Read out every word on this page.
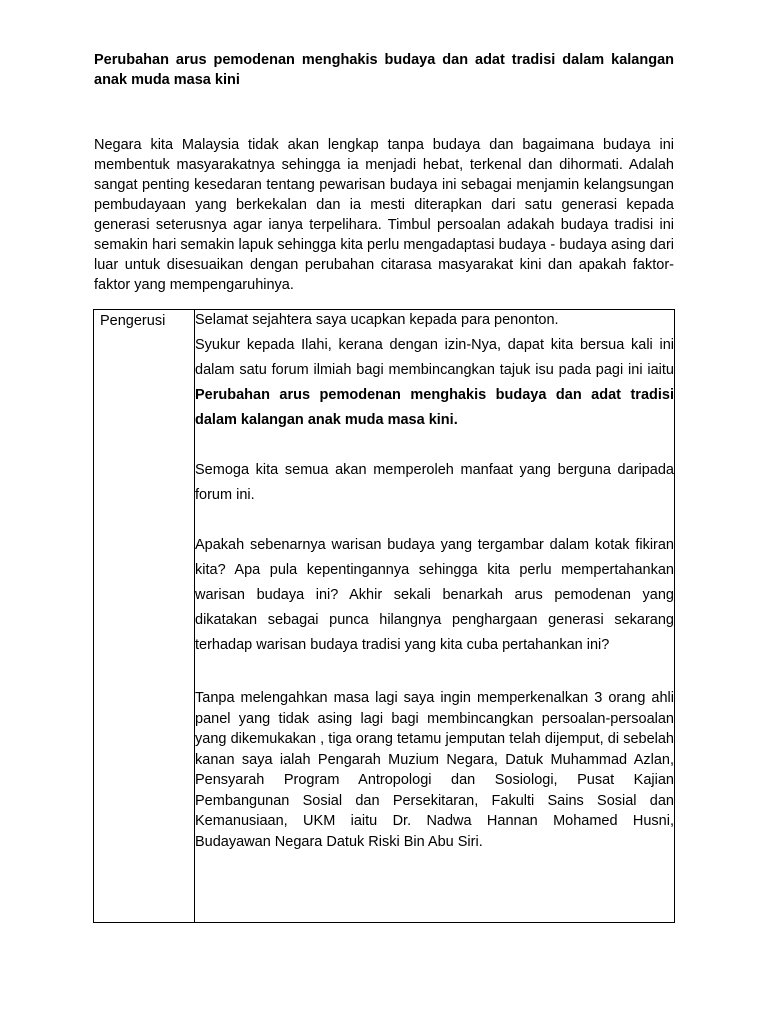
Perubahan arus pemodenan menghakis budaya dan adat tradisi dalam kalangan anak muda masa kini

Negara kita Malaysia tidak akan lengkap tanpa budaya dan bagaimana budaya ini membentuk masyarakatnya sehingga ia menjadi hebat, terkenal dan dihormati. Adalah sangat penting kesedaran tentang pewarisan budaya ini sebagai menjamin kelangsungan pembudayaan yang berkekalan dan ia mesti diterapkan dari satu generasi kepada generasi seterusnya agar ianya terpelihara. Timbul persoalan adakah budaya tradisi ini semakin hari semakin lapuk sehingga kita perlu mengadaptasi budaya - budaya asing dari luar untuk disesuaikan dengan perubahan citarasa masyarakat kini dan apakah faktor-faktor yang mempengaruhinya.

Pengerusi	Selamat sejahtera saya ucapkan kepada para penonton.

Syukur kepada Ilahi, kerana dengan izin-Nya, dapat kita bersua kali ini dalam satu forum ilmiah bagi membincangkan tajuk isu pada pagi ini iaitu Perubahan arus pemodenan menghakis budaya dan adat tradisi dalam kalangan anak muda masa kini.

Semoga kita semua akan memperoleh manfaat yang berguna daripada forum ini.

Apakah sebenarnya warisan budaya yang tergambar dalam kotak fikiran kita? Apa pula kepentingannya sehingga kita perlu mempertahankan warisan budaya ini? Akhir sekali benarkah arus pemodenan yang dikatakan sebagai punca hilangnya penghargaan generasi sekarang terhadap warisan budaya tradisi yang kita cuba pertahankan ini?

Tanpa melengahkan masa lagi saya ingin memperkenalkan 3 orang ahli panel yang tidak asing lagi bagi membincangkan persoalan-persoalan yang dikemukakan , tiga orang tetamu jemputan telah dijemput, di sebelah kanan saya ialah Pengarah Muzium Negara, Datuk Muhammad Azlan, Pensyarah Program Antropologi dan Sosiologi, Pusat Kajian Pembangunan Sosial dan Persekitaran, Fakulti Sains Sosial dan Kemanusiaan, UKM iaitu Dr. Nadwa Hannan Mohamed Husni, Budayawan Negara Datuk Riski Bin Abu Siri.
